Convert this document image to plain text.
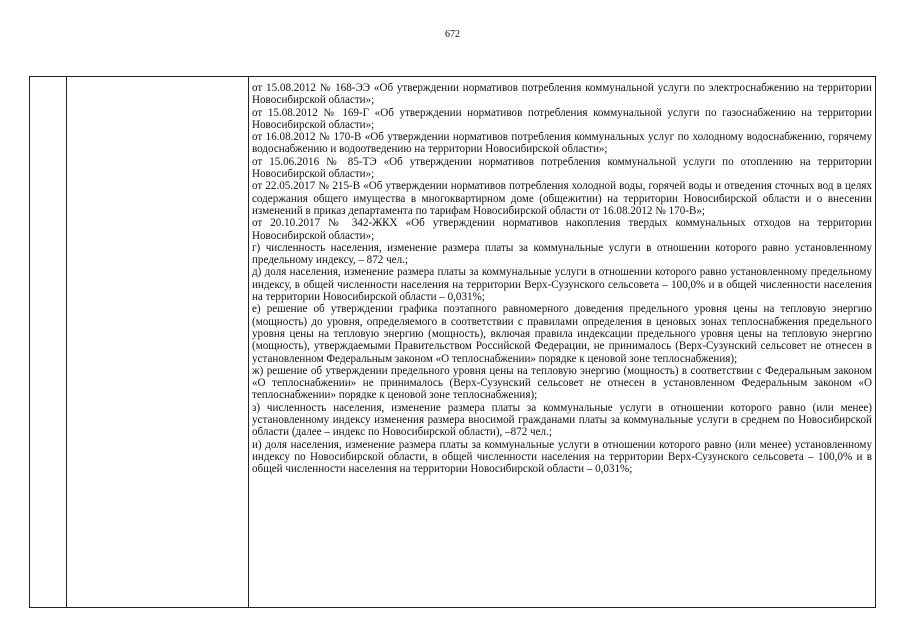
672

от 15.08.2012 № 168-ЭЭ «Об утверждении нормативов потребления коммунальной услуги по электроснабжению на территории Новосибирской области»;

от 15.08.2012 № 169-Г «Об утверждении нормативов потребления коммунальной услуги по газоснабжению на территории Новосибирской области»;

от 16.08.2012 № 170-В «Об утверждении нормативов потребления коммунальных услуг по холодному водоснабжению, горячему водоснабжению и водоотведению на территории Новосибирской области»;

от 15.06.2016 № 85-ТЭ «Об утверждении нормативов потребления коммунальной услуги по отоплению на территории Новосибирской области»;

от 22.05.2017 № 215-В «Об утверждении нормативов потребления холодной воды, горячей воды и отведения сточных вод в целях содержания общего имущества в многоквартирном доме (общежитии) на территории Новосибирской области и о внесении изменений в приказ департамента по тарифам Новосибирской области от 16.08.2012 № 170-В»;

от 20.10.2017 № 342-ЖКХ «Об утверждении нормативов накопления твердых коммунальных отходов на территории Новосибирской области»;

г) численность населения, изменение размера платы за коммунальные услуги в отношении которого равно установленному предельному индексу, – 872 чел.;

д) доля населения, изменение размера платы за коммунальные услуги в отношении которого равно установленному предельному индексу, в общей численности населения на территории Верх-Сузунского сельсовета – 100,0% и в общей численности населения на территории Новосибирской области – 0,031%;

е) решение об утверждении графика поэтапного равномерного доведения предельного уровня цены на тепловую энергию (мощность) до уровня, определяемого в соответствии с правилами определения в ценовых зонах теплоснабжения предельного уровня цены на тепловую энергию (мощность), включая правила индексации предельного уровня цены на тепловую энергию (мощность), утверждаемыми Правительством Российской Федерации, не принималось (Верх-Сузунский сельсовет не отнесен в установленном Федеральным законом «О теплоснабжении» порядке к ценовой зоне теплоснабжения);

ж) решение об утверждении предельного уровня цены на тепловую энергию (мощность) в соответствии с Федеральным законом «О теплоснабжении» не принималось (Верх-Сузунский сельсовет не отнесен в установленном Федеральным законом «О теплоснабжении» порядке к ценовой зоне теплоснабжения);

з) численность населения, изменение размера платы за коммунальные услуги в отношении которого равно (или менее) установленному индексу изменения размера вносимой гражданами платы за коммунальные услуги в среднем по Новосибирской области (далее – индекс по Новосибирской области), –872 чел.;

и) доля населения, изменение размера платы за коммунальные услуги в отношении которого равно (или менее) установленному индексу по Новосибирской области, в общей численности населения на территории Верх-Сузунского сельсовета – 100,0% и в общей численности населения на территории Новосибирской области – 0,031%;
